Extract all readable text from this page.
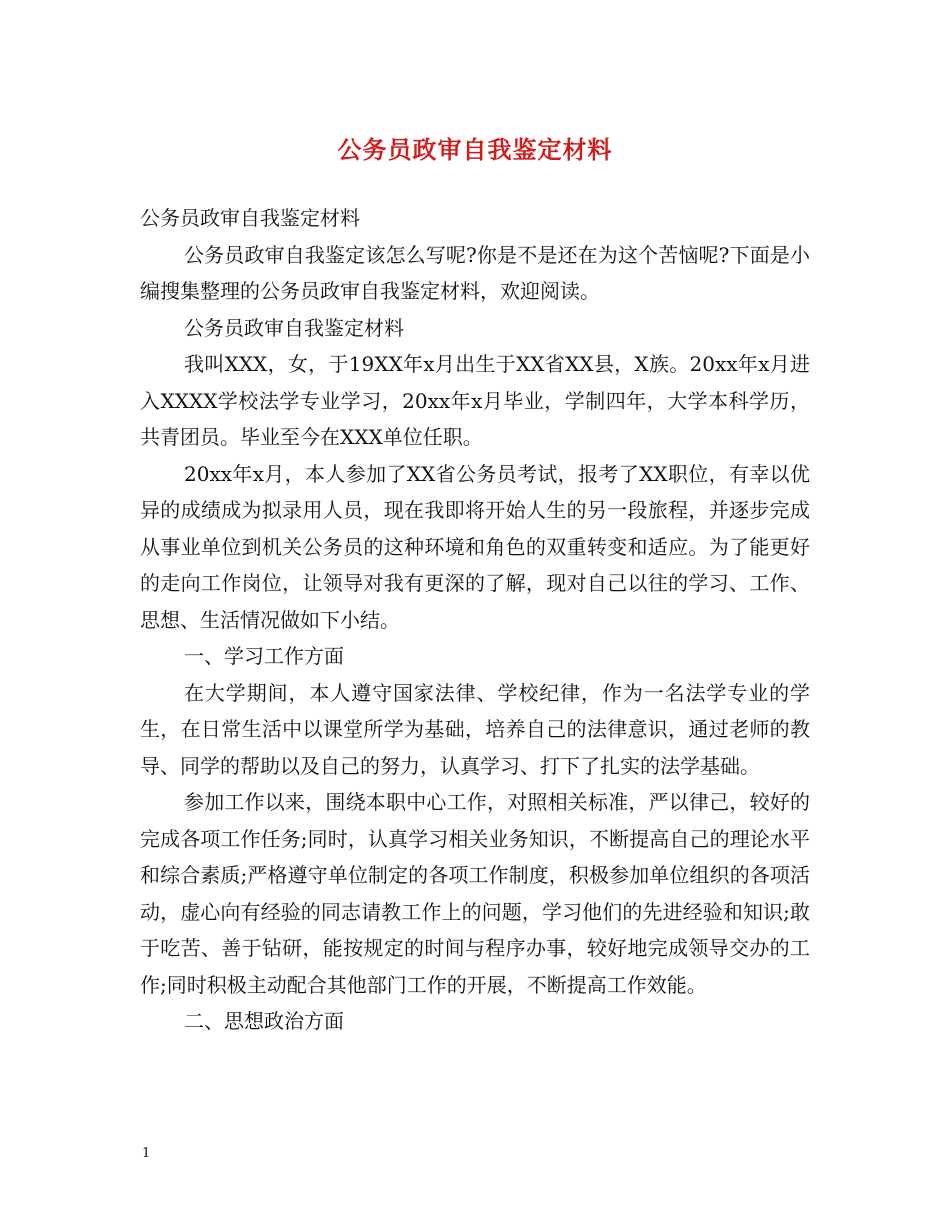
公务员政审自我鉴定材料

公务员政审自我鉴定材料

公务员政审自我鉴定该怎么写呢?你是不是还在为这个苦恼呢?下面是小编搜集整理的公务员政审自我鉴定材料，欢迎阅读。

公务员政审自我鉴定材料

我叫XXX，女，于19XX年x月出生于XX省XX县，X族。20xx年x月进入XXXX学校法学专业学习，20xx年x月毕业，学制四年，大学本科学历，共青团员。毕业至今在XXX单位任职。

20xx年x月，本人参加了XX省公务员考试，报考了XX职位，有幸以优异的成绩成为拟录用人员，现在我即将开始人生的另一段旅程，并逐步完成从事业单位到机关公务员的这种环境和角色的双重转变和适应。为了能更好的走向工作岗位，让领导对我有更深的了解，现对自己以往的学习、工作、思想、生活情况做如下小结。

一、学习工作方面

在大学期间，本人遵守国家法律、学校纪律，作为一名法学专业的学生，在日常生活中以课堂所学为基础，培养自己的法律意识，通过老师的教导、同学的帮助以及自己的努力，认真学习、打下了扎实的法学基础。

参加工作以来，围绕本职中心工作，对照相关标准，严以律己，较好的完成各项工作任务;同时，认真学习相关业务知识，不断提高自己的理论水平和综合素质;严格遵守单位制定的各项工作制度，积极参加单位组织的各项活动，虚心向有经验的同志请教工作上的问题，学习他们的先进经验和知识;敢于吃苦、善于钻研，能按规定的时间与程序办事，较好地完成领导交办的工作;同时积极主动配合其他部门工作的开展，不断提高工作效能。

二、思想政治方面

1
